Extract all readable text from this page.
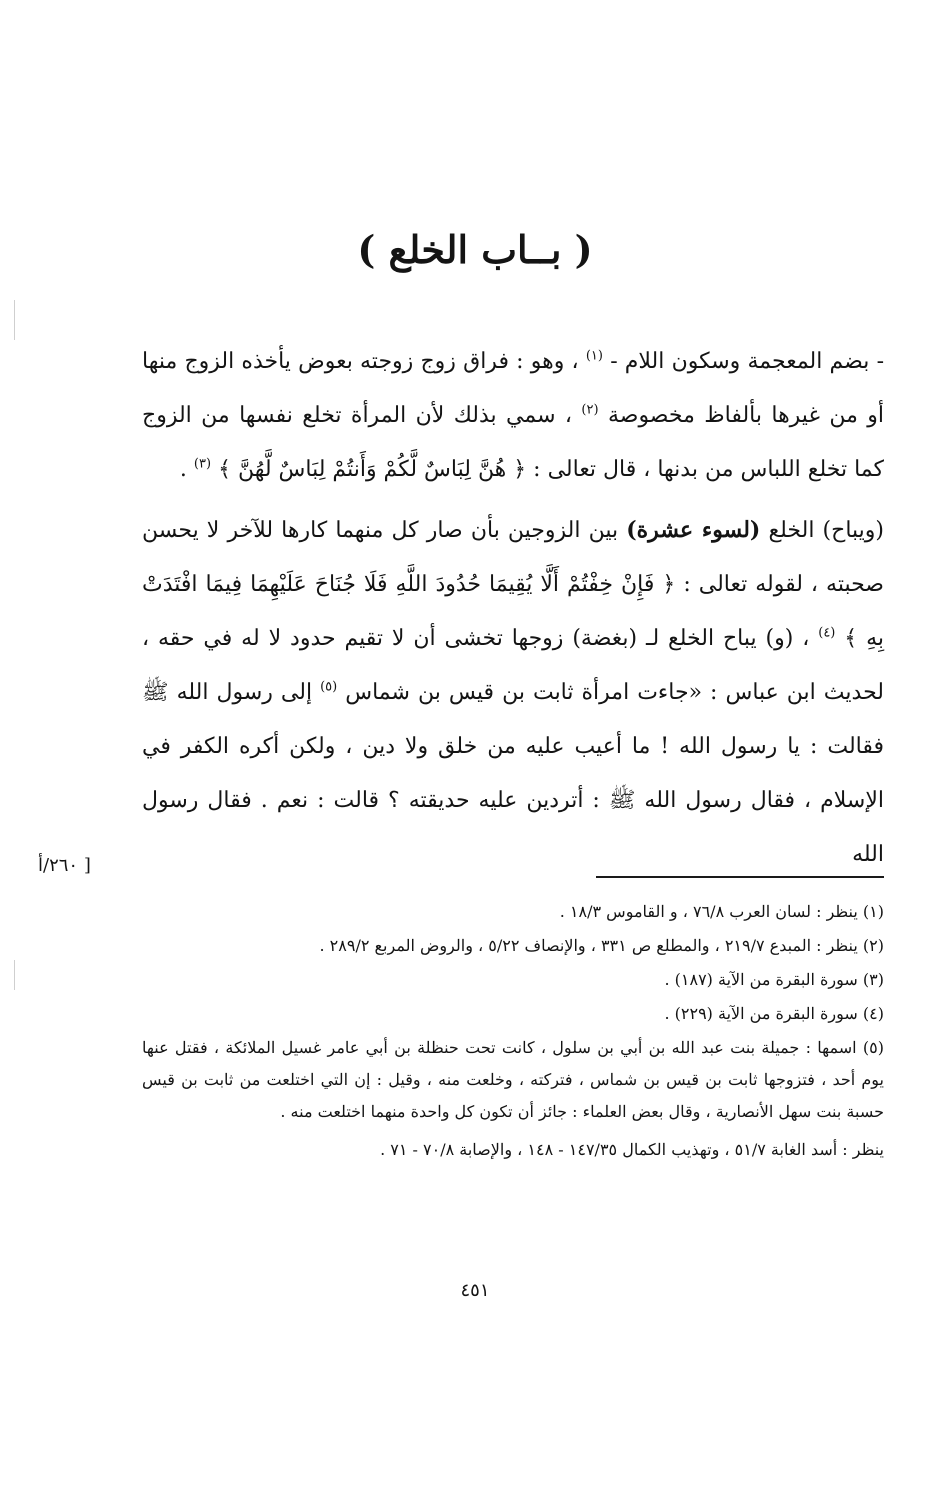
( بــاب الخلع )

- بضم المعجمة وسكون اللام - $^{(١)}$ ، وهو : فراق زوج زوجته بعوض يأخذه الزوج منها أو من غيرها بألفاظ مخصوصة $^{(٢)}$ ، سمي بذلك لأن المرأة تخلع نفسها من الزوج كما تخلع اللباس من بدنها ، قال تعالى : ﴿ هُنَّ لِبَاسٌ لَّكُمْ وَأَنتُمْ لِبَاسٌ لَّهُنَّ ﴾ $^{(٣)}$ .

(ويباح) الخلع (لسوء عشرة) بين الزوجين بأن صار كل منهما كارها للآخر لا يحسن صحبته ، لقوله تعالى : ﴿ فَإِنْ خِفْتُمْ أَلَّا يُقِيمَا حُدُودَ اللَّهِ فَلَا جُنَاحَ عَلَيْهِمَا فِيمَا افْتَدَتْ بِهِ ﴾ $^{(٤)}$ ، (و) يباح الخلع لـ (بغضة) زوجها تخشى أن لا تقيم حدود لا له في حقه ، لحديث ابن عباس : «جاءت امرأة ثابت بن قيس بن شماس $^{(٥)}$ إلى رسول الله ﷺ فقالت : يا رسول الله ! ما أعيب عليه من خلق ولا دين ، ولكن أكره الكفر في الإسلام ، فقال رسول الله ﷺ : أتردين عليه حديقته ؟ قالت : نعم . فقال رسول الله

[ ٢٦٠/أ

(١) ينظر : لسان العرب ٧٦/٨ ، و القاموس ١٨/٣ .

(٢) ينظر : المبدع ٢١٩/٧ ، والمطلع ص ٣٣١ ، والإنصاف ٥/٢٢ ، والروض المربع ٢٨٩/٢ .

(٣) سورة البقرة من الآية (١٨٧) .

(٤) سورة البقرة من الآية (٢٢٩) .

(٥) اسمها : جميلة بنت عبد الله بن أبي بن سلول ، كانت تحت حنظلة بن أبي عامر غسيل الملائكة ، فقتل عنها يوم أحد ، فتزوجها ثابت بن قيس بن شماس ، فتركته ، وخلعت منه ، وقيل : إن التي اختلعت من ثابت بن قيس حسبة بنت سهل الأنصارية ، وقال بعض العلماء : جائز أن تكون كل واحدة منهما اختلعت منه .

ينظر : أسد الغابة ٥١/٧ ، وتهذيب الكمال ١٤٧/٣٥ - ١٤٨ ، والإصابة ٧٠/٨ - ٧١ .

٤٥١
